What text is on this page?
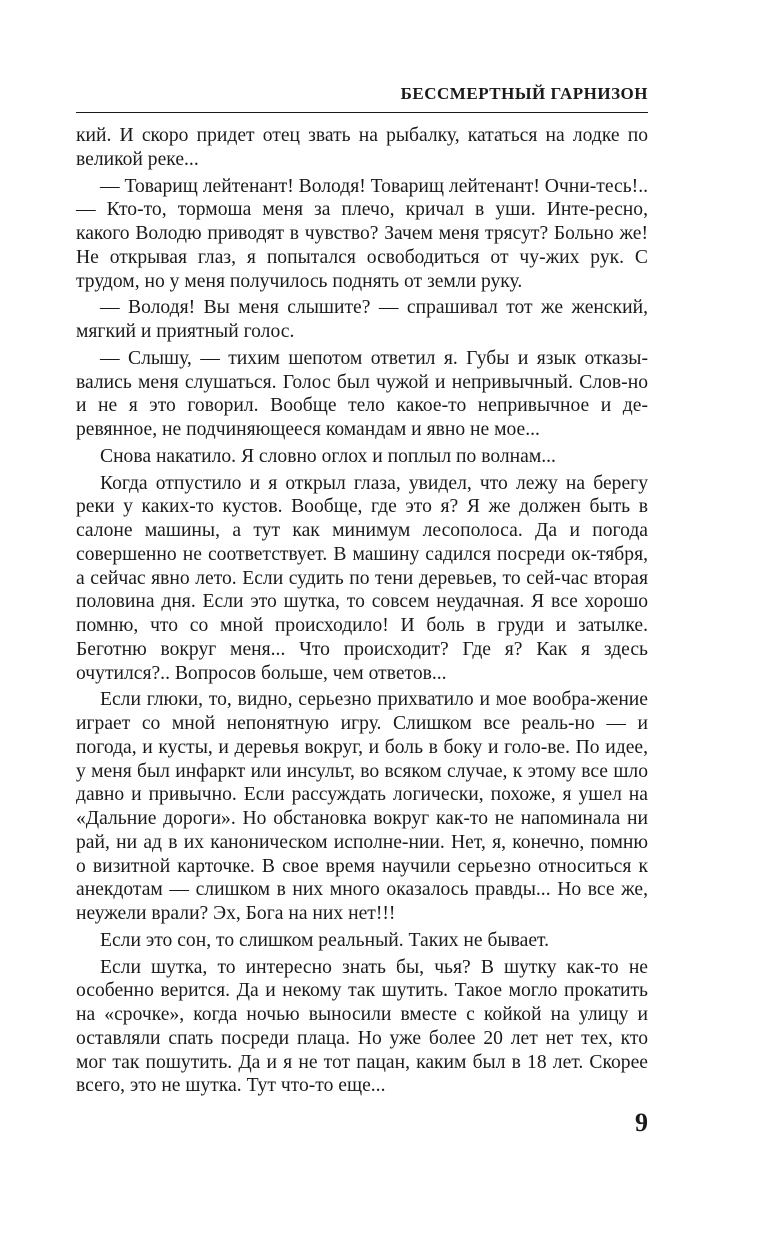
БЕССМЕРТНЫЙ ГАРНИЗОН

кий. И скоро придет отец звать на рыбалку, кататься на лодке по великой реке...

— Товарищ лейтенант! Володя! Товарищ лейтенант! Очни-тесь!.. — Кто-то, тормоша меня за плечо, кричал в уши. Инте-ресно, какого Володю приводят в чувство? Зачем меня трясут? Больно же! Не открывая глаз, я попытался освободиться от чу-жих рук. С трудом, но у меня получилось поднять от земли руку.

— Володя! Вы меня слышите? — спрашивал тот же женский, мягкий и приятный голос.

— Слышу, — тихим шепотом ответил я. Губы и язык отказы-вались меня слушаться. Голос был чужой и непривычный. Слов-но и не я это говорил. Вообще тело какое-то непривычное и де-ревянное, не подчиняющееся командам и явно не мое...

Снова накатило. Я словно оглох и поплыл по волнам...

Когда отпустило и я открыл глаза, увидел, что лежу на берегу реки у каких-то кустов. Вообще, где это я? Я же должен быть в салоне машины, а тут как минимум лесополоса. Да и погода совершенно не соответствует. В машину садился посреди ок-тября, а сейчас явно лето. Если судить по тени деревьев, то сей-час вторая половина дня. Если это шутка, то совсем неудачная. Я все хорошо помню, что со мной происходило! И боль в груди и затылке. Беготню вокруг меня... Что происходит? Где я? Как я здесь очутился?.. Вопросов больше, чем ответов...

Если глюки, то, видно, серьезно прихватило и мое вообра-жение играет со мной непонятную игру. Слишком все реаль-но — и погода, и кусты, и деревья вокруг, и боль в боку и голо-ве. По идее, у меня был инфаркт или инсульт, во всяком случае, к этому все шло давно и привычно. Если рассуждать логически, похоже, я ушел на «Дальние дороги». Но обстановка вокруг как-то не напоминала ни рай, ни ад в их каноническом исполне-нии. Нет, я, конечно, помню о визитной карточке. В свое время научили серьезно относиться к анекдотам — слишком в них много оказалось правды... Но все же, неужели врали? Эх, Бога на них нет!!!

Если это сон, то слишком реальный. Таких не бывает.

Если шутка, то интересно знать бы, чья? В шутку как-то не особенно верится. Да и некому так шутить. Такое могло прокатить на «срочке», когда ночью выносили вместе с койкой на улицу и оставляли спать посреди плаца. Но уже более 20 лет нет тех, кто мог так пошутить. Да и я не тот пацан, каким был в 18 лет. Скорее всего, это не шутка. Тут что-то еще...

9
